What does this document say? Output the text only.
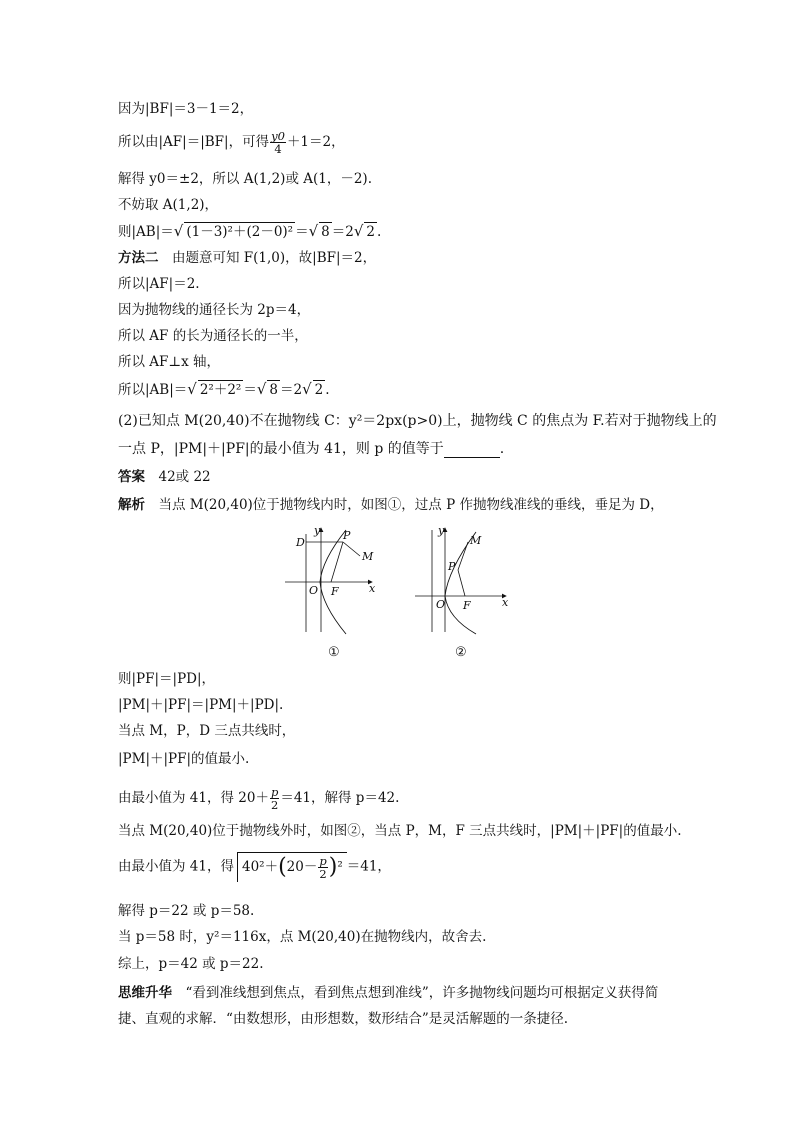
因为|BF|＝3－1＝2，
所以由|AF|＝|BF|，可得 $\frac{y0}{4} +1=2$，
解得 y0＝±2，所以 A(1,2)或 A(1，－2).
不妨取 A(1,2)，
则|AB|＝√ (1－3)²＋(2－0)² ＝√ 8 ＝2√ 2 .
方法二　 由题意可知 F(1,0)，故|BF|＝2，
所以|AF|＝2.
因为抛物线的通径长为 2p＝4，
所以 AF 的长为通径长的一半，
所以 AF⊥x 轴，
所以|AB|＝√ 2²＋2² ＝√ 8 ＝2√ 2 .
(2)已知点 M(20,40)不在抛物线 C：y²＝2px(p>0)上，抛物线 C 的焦点为 F.若对于抛物线上的
一点 P，|PM|＋|PF|的最小值为 41，则 p 的值等于	.
答案　 42或 22
解析　 当点 M(20,40)位于抛物线内时，如图①，过点 P 作抛物线准线的垂线，垂足为 D，
y
x
O F
D
P
M
①
y
x
O F
P
M
②
则|PF|＝|PD|，
|PM|＋|PF|＝|PM|＋|PD|.
当点 M，P，D 三点共线时，
|PM|＋|PF|的值最小.
由最小值为 41，得 $20+ \frac{p}{2} =41$，解得 p＝42.
当点 M(20,40)位于抛物线外时，如图②，当点 P，M，F 三点共线时，|PM|＋|PF|的值最小.
由最小值为 41，得 $40^2+(20- \frac{p}{2} )^2 =41$，
解得 p＝22 或 p＝58.
当 p＝58 时，y²＝116x，点 M(20,40)在抛物线内，故舍去.
综上，p＝42 或 p＝22.
思维升华　 “看到准线想到焦点，看到焦点想到准线”，许多抛物线问题均可根据定义获得简
捷、直观的求解．“由数想形，由形想数，数形结合”是灵活解题的一条捷径.
